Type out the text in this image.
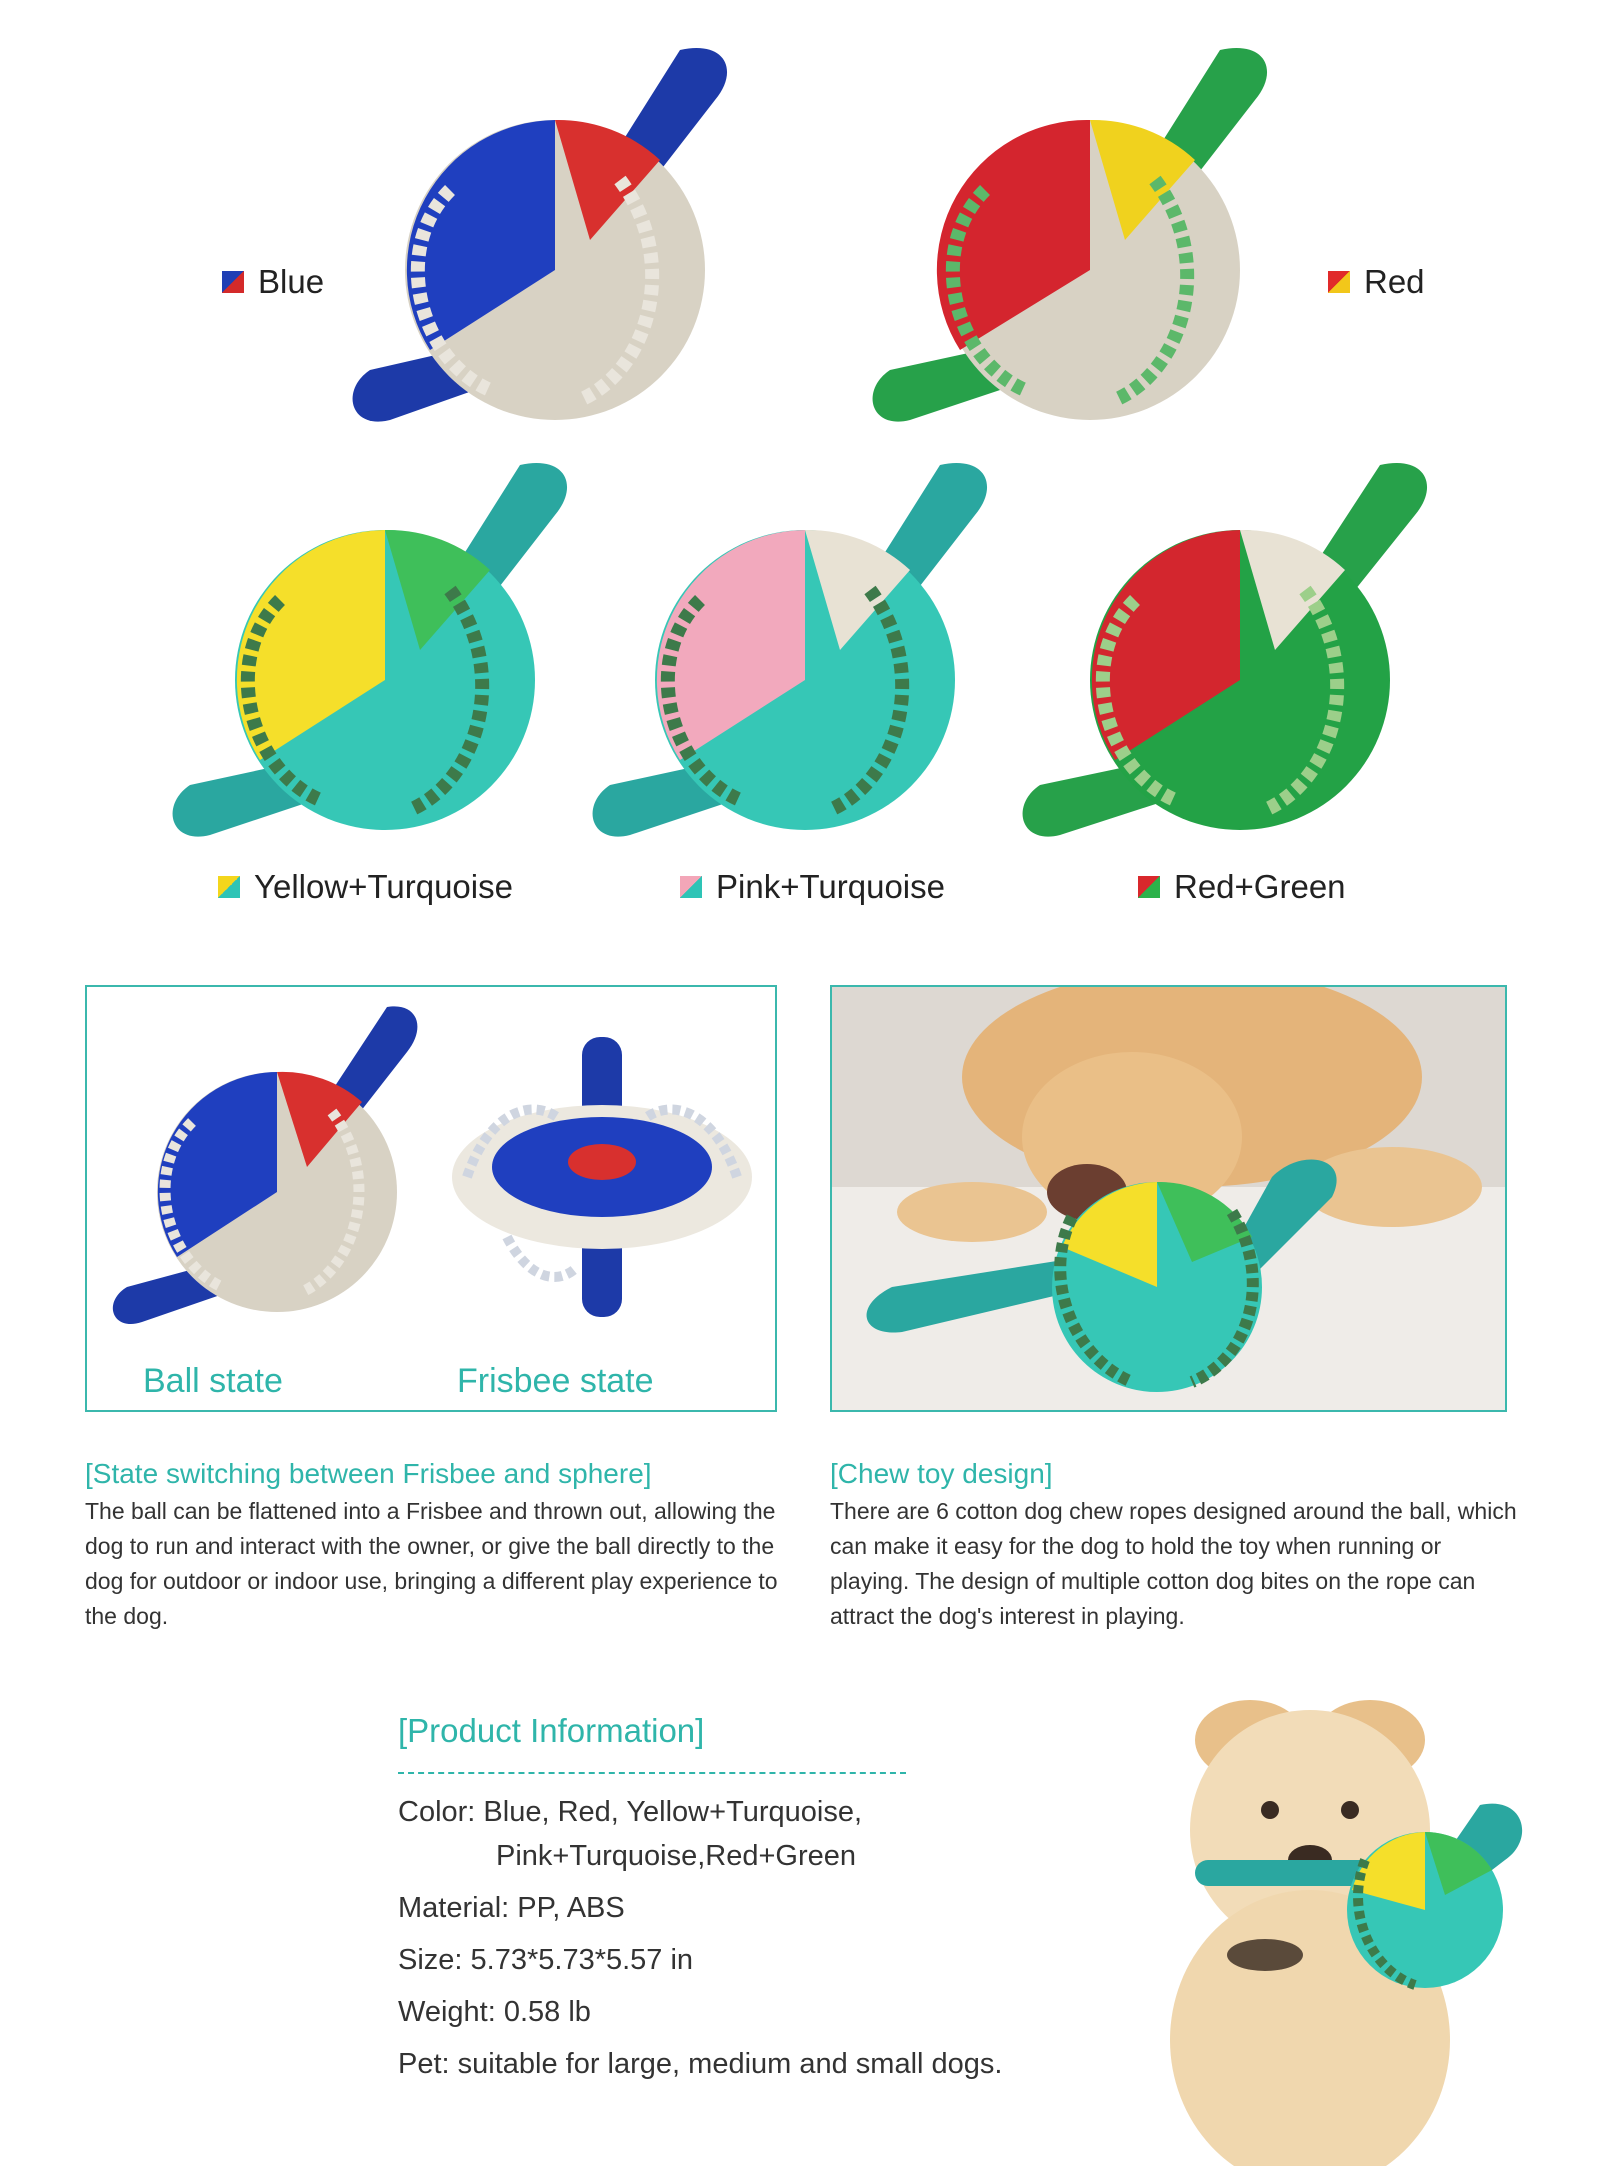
Blue	Red
Yellow+Turquoise	Pink+Turquoise	Red+Green
Ball state	Frisbee state
[State switching between Frisbee and sphere]
The ball can be flattened into a Frisbee and thrown out, allowing the dog to run and interact with the owner, or give the ball directly to the dog for outdoor or indoor use, bringing a different play experience to the dog.
[Chew toy design]
There are 6 cotton dog chew ropes designed around the ball, which can make it easy for the dog to hold the toy when running or playing. The design of multiple cotton dog bites on the rope can attract the dog's interest in playing.
[Product Information]
Color: Blue, Red, Yellow+Turquoise,
Pink+Turquoise,Red+Green
Material: PP, ABS
Size: 5.73*5.73*5.57 in
Weight: 0.58 lb
Pet: suitable for large, medium and small dogs.
